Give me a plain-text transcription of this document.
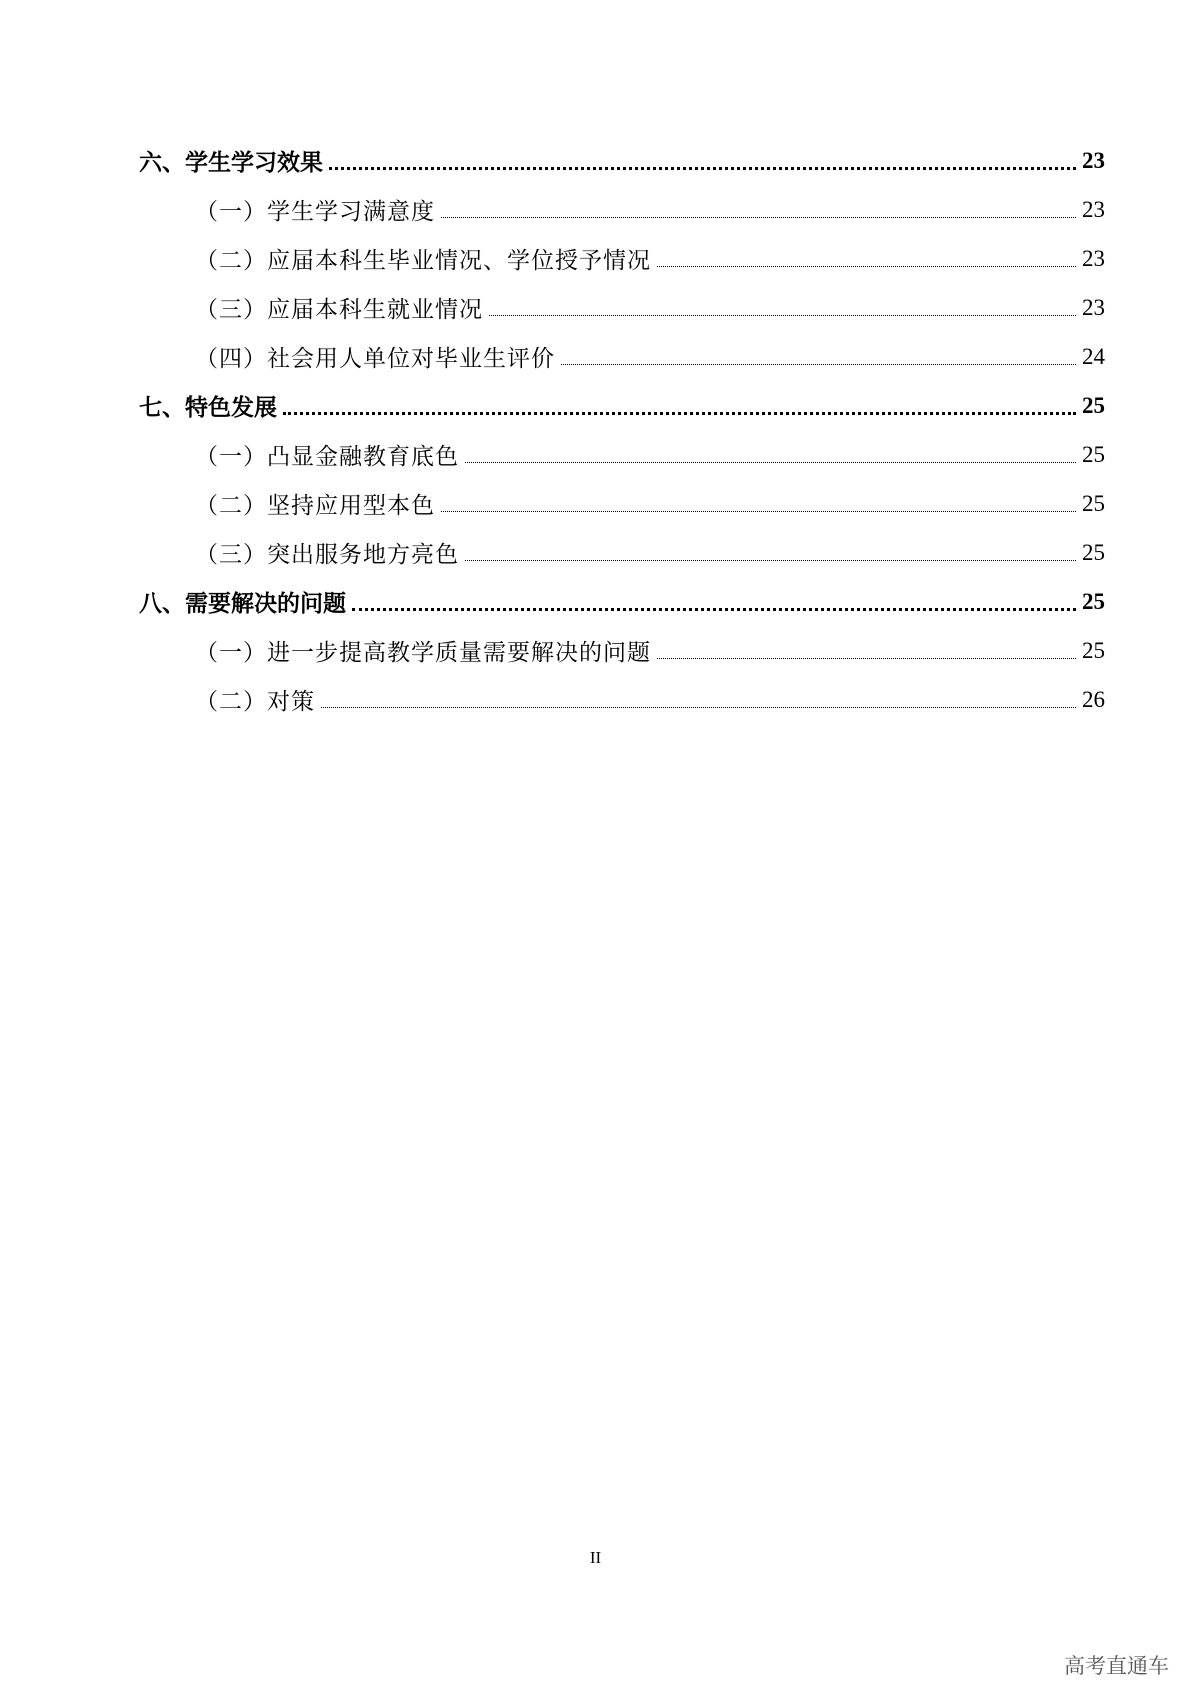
六、学生学习效果	23
（一）学生学习满意度	23
（二）应届本科生毕业情况、学位授予情况	23
（三）应届本科生就业情况	23
（四）社会用人单位对毕业生评价	24
七、特色发展	25
（一）凸显金融教育底色	25
（二）坚持应用型本色	25
（三）突出服务地方亮色	25
八、需要解决的问题	25
（一）进一步提高教学质量需要解决的问题	25
（二）对策	26
II
高考直通车
